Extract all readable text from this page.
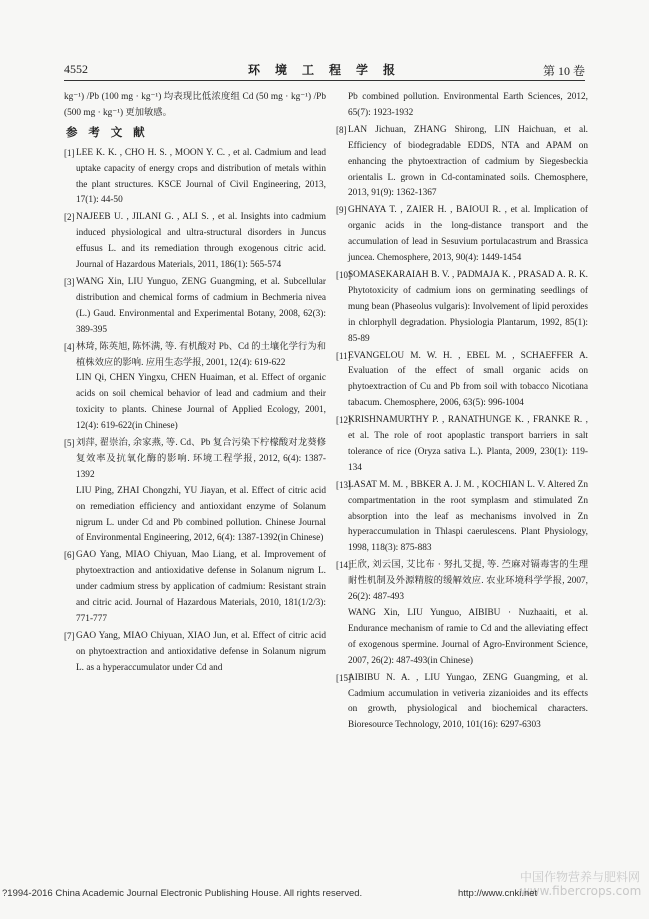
4552	环 境 工 程 学 报	第 10 卷

kg⁻¹) /Pb (100 mg · kg⁻¹) 均表现比低浓度组 Cd (50 mg · kg⁻¹) /Pb (500 mg · kg⁻¹) 更加敏感。

参 考 文 献
[1] LEE K. K. , CHO H. S. , MOON Y. C. , et al. Cadmium and lead uptake capacity of energy crops and distribution of metals within the plant structures. KSCE Journal of Civil Engineering, 2013, 17(1): 44-50
[2] NAJEEB U. , JILANI G. , ALI S. , et al. Insights into cadmium induced physiological and ultra-structural disorders in Juncus effusus L. and its remediation through exogenous citric acid. Journal of Hazardous Materials, 2011, 186(1): 565-574
[3] WANG Xin, LIU Yunguo, ZENG Guangming, et al. Subcellular distribution and chemical forms of cadmium in Bechmeria nivea (L.) Gaud. Environmental and Experimental Botany, 2008, 62(3): 389-395
[4] 林琦, 陈英旭, 陈怀满, 等. 有机酸对 Pb、Cd 的土壤化学行为和植株效应的影响. 应用生态学报, 2001, 12(4): 619-622
LIN Qi, CHEN Yingxu, CHEN Huaiman, et al. Effect of organic acids on soil chemical behavior of lead and cadmium and their toxicity to plants. Chinese Journal of Applied Ecology, 2001, 12(4): 619-622(in Chinese)
[5] 刘萍, 翟崇治, 余家燕, 等. Cd、Pb 复合污染下柠檬酸对龙葵修复效率及抗氧化酶的影响. 环境工程学报, 2012, 6(4): 1387-1392
LIU Ping, ZHAI Chongzhi, YU Jiayan, et al. Effect of citric acid on remediation efficiency and antioxidant enzyme of Solanum nigrum L. under Cd and Pb combined pollution. Chinese Journal of Environmental Engineering, 2012, 6(4): 1387-1392(in Chinese)
[6] GAO Yang, MIAO Chiyuan, Mao Liang, et al. Improvement of phytoextraction and antioxidative defense in Solanum nigrum L. under cadmium stress by application of cadmium: Resistant strain and citric acid. Journal of Hazardous Materials, 2010, 181(1/2/3): 771-777
[7] GAO Yang, MIAO Chiyuan, XIAO Jun, et al. Effect of citric acid on phytoextraction and antioxidative defense in Solanum nigrum L. as a hyperaccumulator under Cd and
Pb combined pollution. Environmental Earth Sciences, 2012, 65(7): 1923-1932
[8] LAN Jichuan, ZHANG Shirong, LIN Haichuan, et al. Efficiency of biodegradable EDDS, NTA and APAM on enhancing the phytoextraction of cadmium by Siegesbeckia orientalis L. grown in Cd-contaminated soils. Chemosphere, 2013, 91(9): 1362-1367
[9] GHNAYA T. , ZAIER H. , BAIOUI R. , et al. Implication of organic acids in the long-distance transport and the accumulation of lead in Sesuvium portulacastrum and Brassica juncea. Chemosphere, 2013, 90(4): 1449-1454
[10]
SOMASEKARAIAH B. V. , PADMAJA K. , PRASAD A. R. K. Phytotoxicity of cadmium ions on germinating seedlings of mung bean (Phaseolus vulgaris): Involvement of lipid peroxides in chlorphyll degradation. Physiologia Plantarum, 1992, 85(1): 85-89
[11]
EVANGELOU M. W. H. , EBEL M. , SCHAEFFER A. Evaluation of the effect of small organic acids on phytoextraction of Cu and Pb from soil with tobacco Nicotiana tabacum. Chemosphere, 2006, 63(5): 996-1004
[12]
KRISHNAMURTHY P. , RANATHUNGE K. , FRANKE R. , et al. The role of root apoplastic transport barriers in salt tolerance of rice (Oryza sativa L.). Planta, 2009, 230(1): 119-134
[13]
LASAT M. M. , BBKER A. J. M. , KOCHIAN L. V. Altered Zn compartmentation in the root symplasm and stimulated Zn absorption into the leaf as mechanisms involved in Zn hyperaccumulation in Thlaspi caerulescens. Plant Physiology, 1998, 118(3): 875-883
[14]
王欣, 刘云国, 艾比布 · 努扎艾提, 等. 苎麻对镉毒害的生理耐性机制及外源精胺的缓解效应. 农业环境科学学报, 2007, 26(2): 487-493
WANG Xin, LIU Yunguo, AIBIBU · Nuzhaaiti, et al. Endurance mechanism of ramie to Cd and the alleviating effect of exogenous spermine. Journal of Agro-Environment Science, 2007, 26(2): 487-493(in Chinese)
[15]
AIBIBU N. A. , LIU Yungao, ZENG Guangming, et al. Cadmium accumulation in vetiveria zizanioides and its effects on growth, physiological and biochemical characters. Bioresource Technology, 2010, 101(16): 6297-6303
中国作物营养与肥料网
www.fibercrops.com
?1994-2016 China Academic Journal Electronic Publishing House. All rights reserved.	http://www.cnki.net
